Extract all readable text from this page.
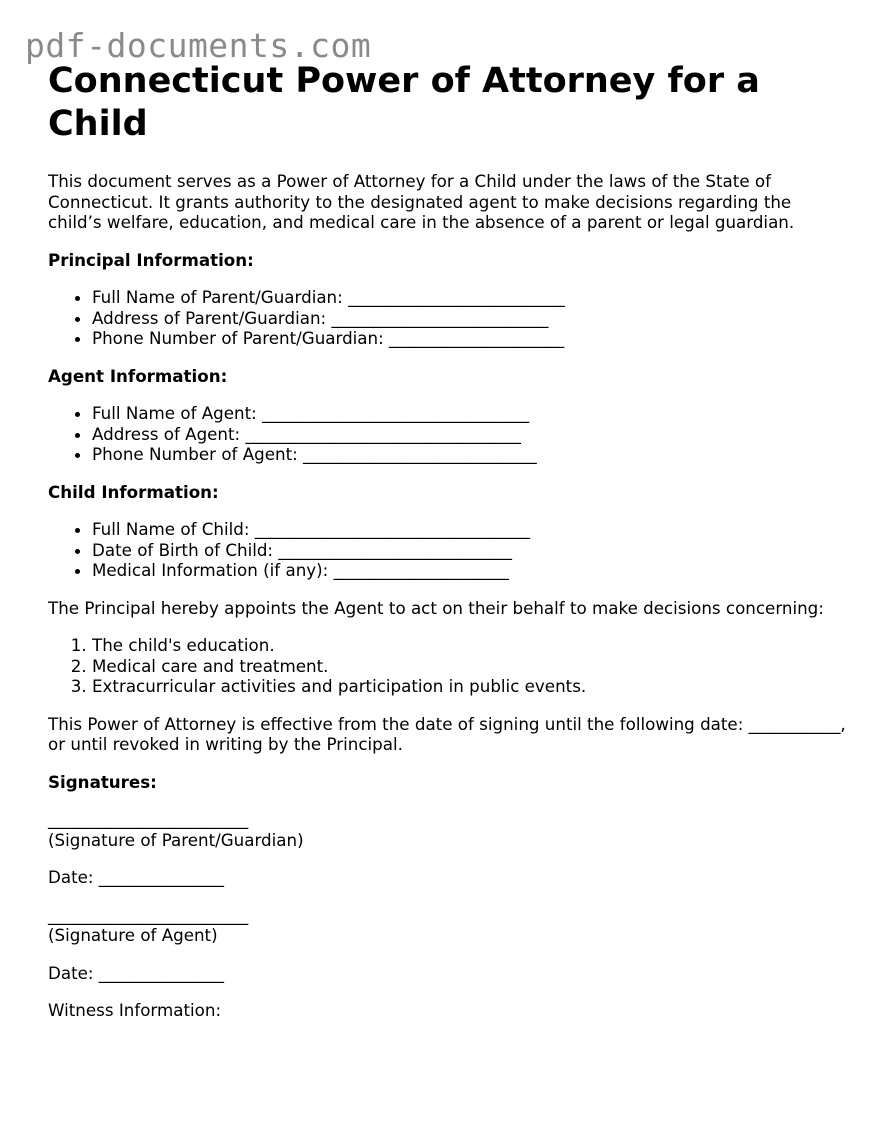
pdf-documents.com
Connecticut Power of Attorney for a Child

This document serves as a Power of Attorney for a Child under the laws of the State of Connecticut. It grants authority to the designated agent to make decisions regarding the child’s welfare, education, and medical care in the absence of a parent or legal guardian.

Principal Information:

• Full Name of Parent/Guardian: __________________________
• Address of Parent/Guardian: __________________________
• Phone Number of Parent/Guardian: _____________________

Agent Information:

• Full Name of Agent: ________________________________
• Address of Agent: _________________________________
• Phone Number of Agent: ____________________________

Child Information:

• Full Name of Child: _________________________________
• Date of Birth of Child: ____________________________
• Medical Information (if any): _____________________

The Principal hereby appoints the Agent to act on their behalf to make decisions concerning:

1. The child's education.
2. Medical care and treatment.
3. Extracurricular activities and participation in public events.

This Power of Attorney is effective from the date of signing until the following date: ___________, or until revoked in writing by the Principal.

Signatures:

________________________

(Signature of Parent/Guardian)

Date: _______________

________________________

(Signature of Agent)

Date: _______________

Witness Information:
